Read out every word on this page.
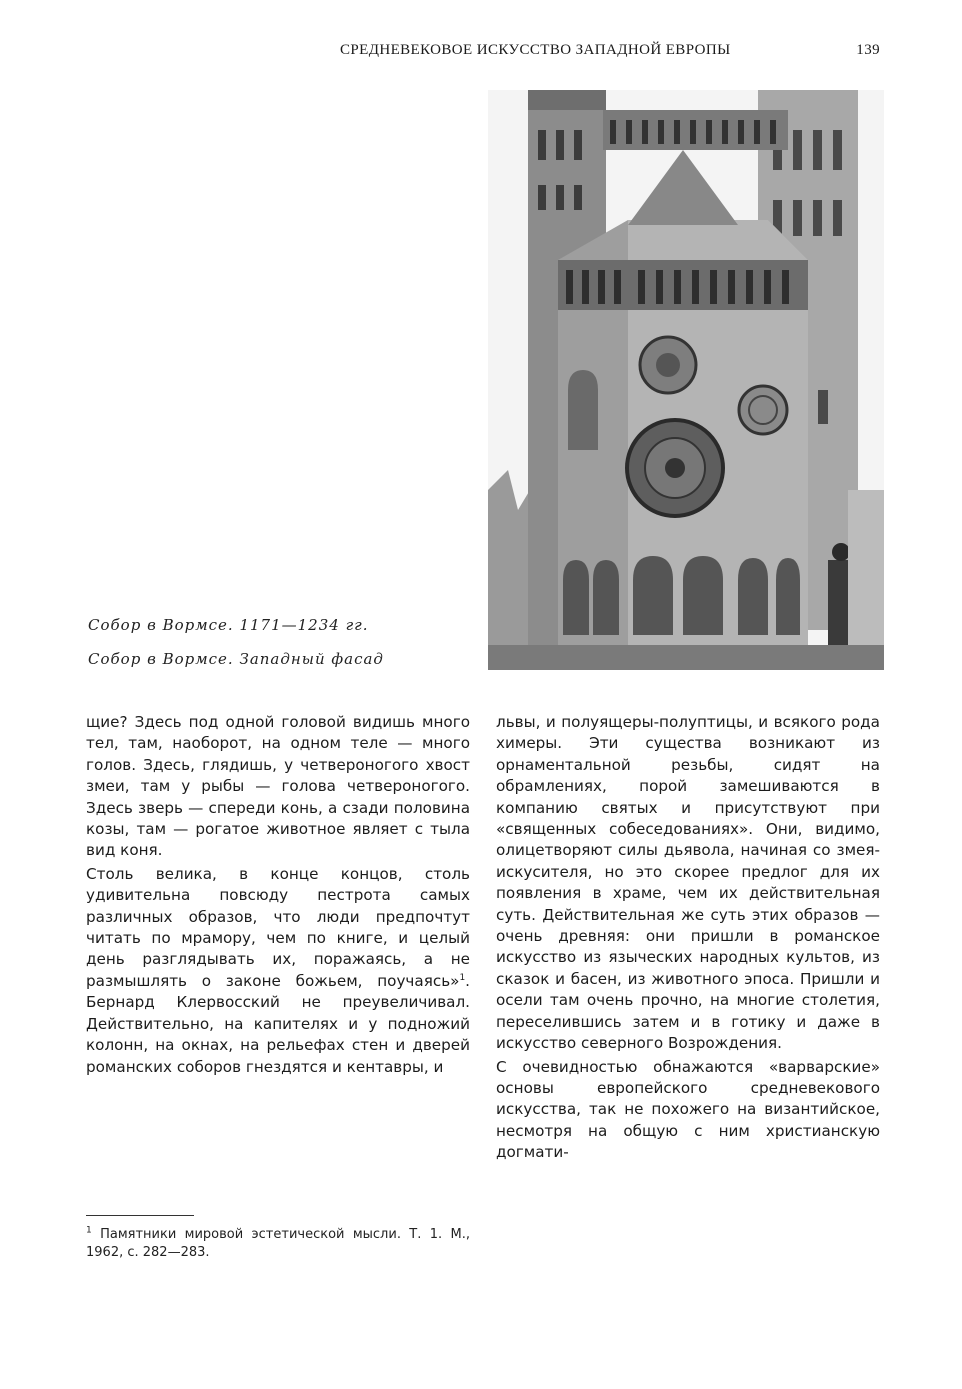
СРЕДНЕВЕКОВОЕ ИСКУССТВО ЗАПАДНОЙ ЕВРОПЫ	139
Собор в Вормсе. 1171—1234 гг.
Собор в Вормсе. Западный фасад

щие? Здесь под одной головой видишь много тел, там, наоборот, на одном теле — много голов. Здесь, глядишь, у четвероногого хвост змеи, там у рыбы — голова четвероногого. Здесь зверь — спереди конь, а сзади половина козы, там — рогатое животное являет с тыла вид коня.

Столь велика, в конце концов, столь удивительна повсюду пестрота самых различных образов, что люди предпочтут читать по мрамору, чем по книге, и целый день разглядывать их, поражаясь, а не размышлять о законе божьем, поучаясь»$^1$. Бернард Клервосский не преувеличивал. Действительно, на капителях и у подножий колонн, на окнах, на рельефах стен и дверей романских соборов гнездятся и кентавры, и

львы, и полуящеры-полуптицы, и всякого рода химеры. Эти существа возникают из орнаментальной резьбы, сидят на обрамлениях, порой замешиваются в компанию святых и присутствуют при «священных собеседованиях». Они, видимо, олицетворяют силы дьявола, начиная со змея-искусителя, но это скорее предлог для их появления в храме, чем их действительная суть. Действительная же суть этих образов — очень древняя: они пришли в романское искусство из языческих народных культов, из сказок и басен, из животного эпоса. Пришли и осели там очень прочно, на многие столетия, переселившись затем и в готику и даже в искусство северного Возрождения.

С очевидностью обнажаются «варварские» основы европейского средневекового искусства, так не похожего на византийское, несмотря на общую с ним христианскую догмати-

$^1$ Памятники мировой эстетической мысли. Т. 1. М., 1962, с. 282—283.
